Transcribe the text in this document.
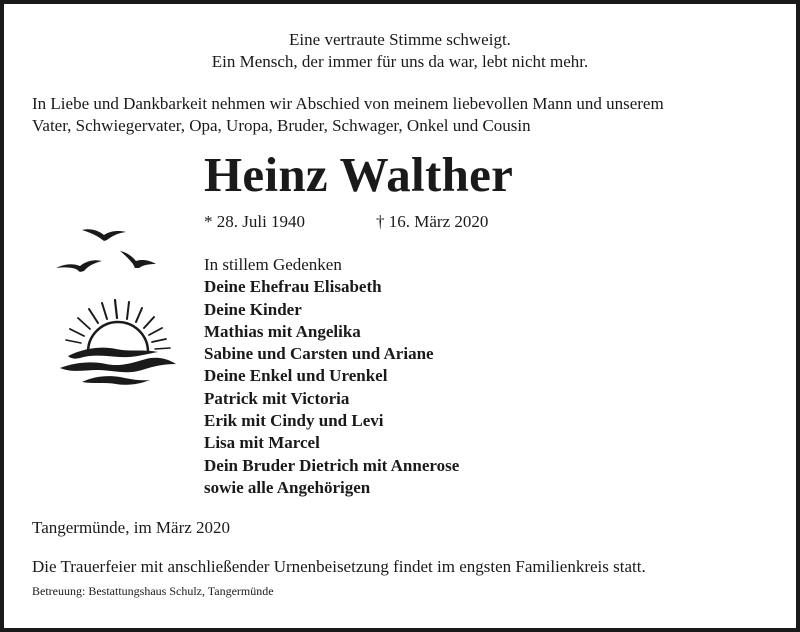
Eine vertraute Stimme schweigt.
Ein Mensch, der immer für uns da war, lebt nicht mehr.
In Liebe und Dankbarkeit nehmen wir Abschied von meinem liebevollen Mann und unserem
Vater, Schwiegervater, Opa, Uropa, Bruder, Schwager, Onkel und Cousin
Heinz Walther
* 28. Juli 1940	† 16. März 2020
In stillem Gedenken
Deine Ehefrau Elisabeth
Deine Kinder
Mathias mit Angelika
Sabine und Carsten und Ariane
Deine Enkel und Urenkel
Patrick mit Victoria
Erik mit Cindy und Levi
Lisa mit Marcel
Dein Bruder Dietrich mit Annerose
sowie alle Angehörigen
Tangermünde, im März 2020
Die Trauerfeier mit anschließender Urnenbeisetzung findet im engsten Familienkreis statt.
Betreuung: Bestattungshaus Schulz, Tangermünde
